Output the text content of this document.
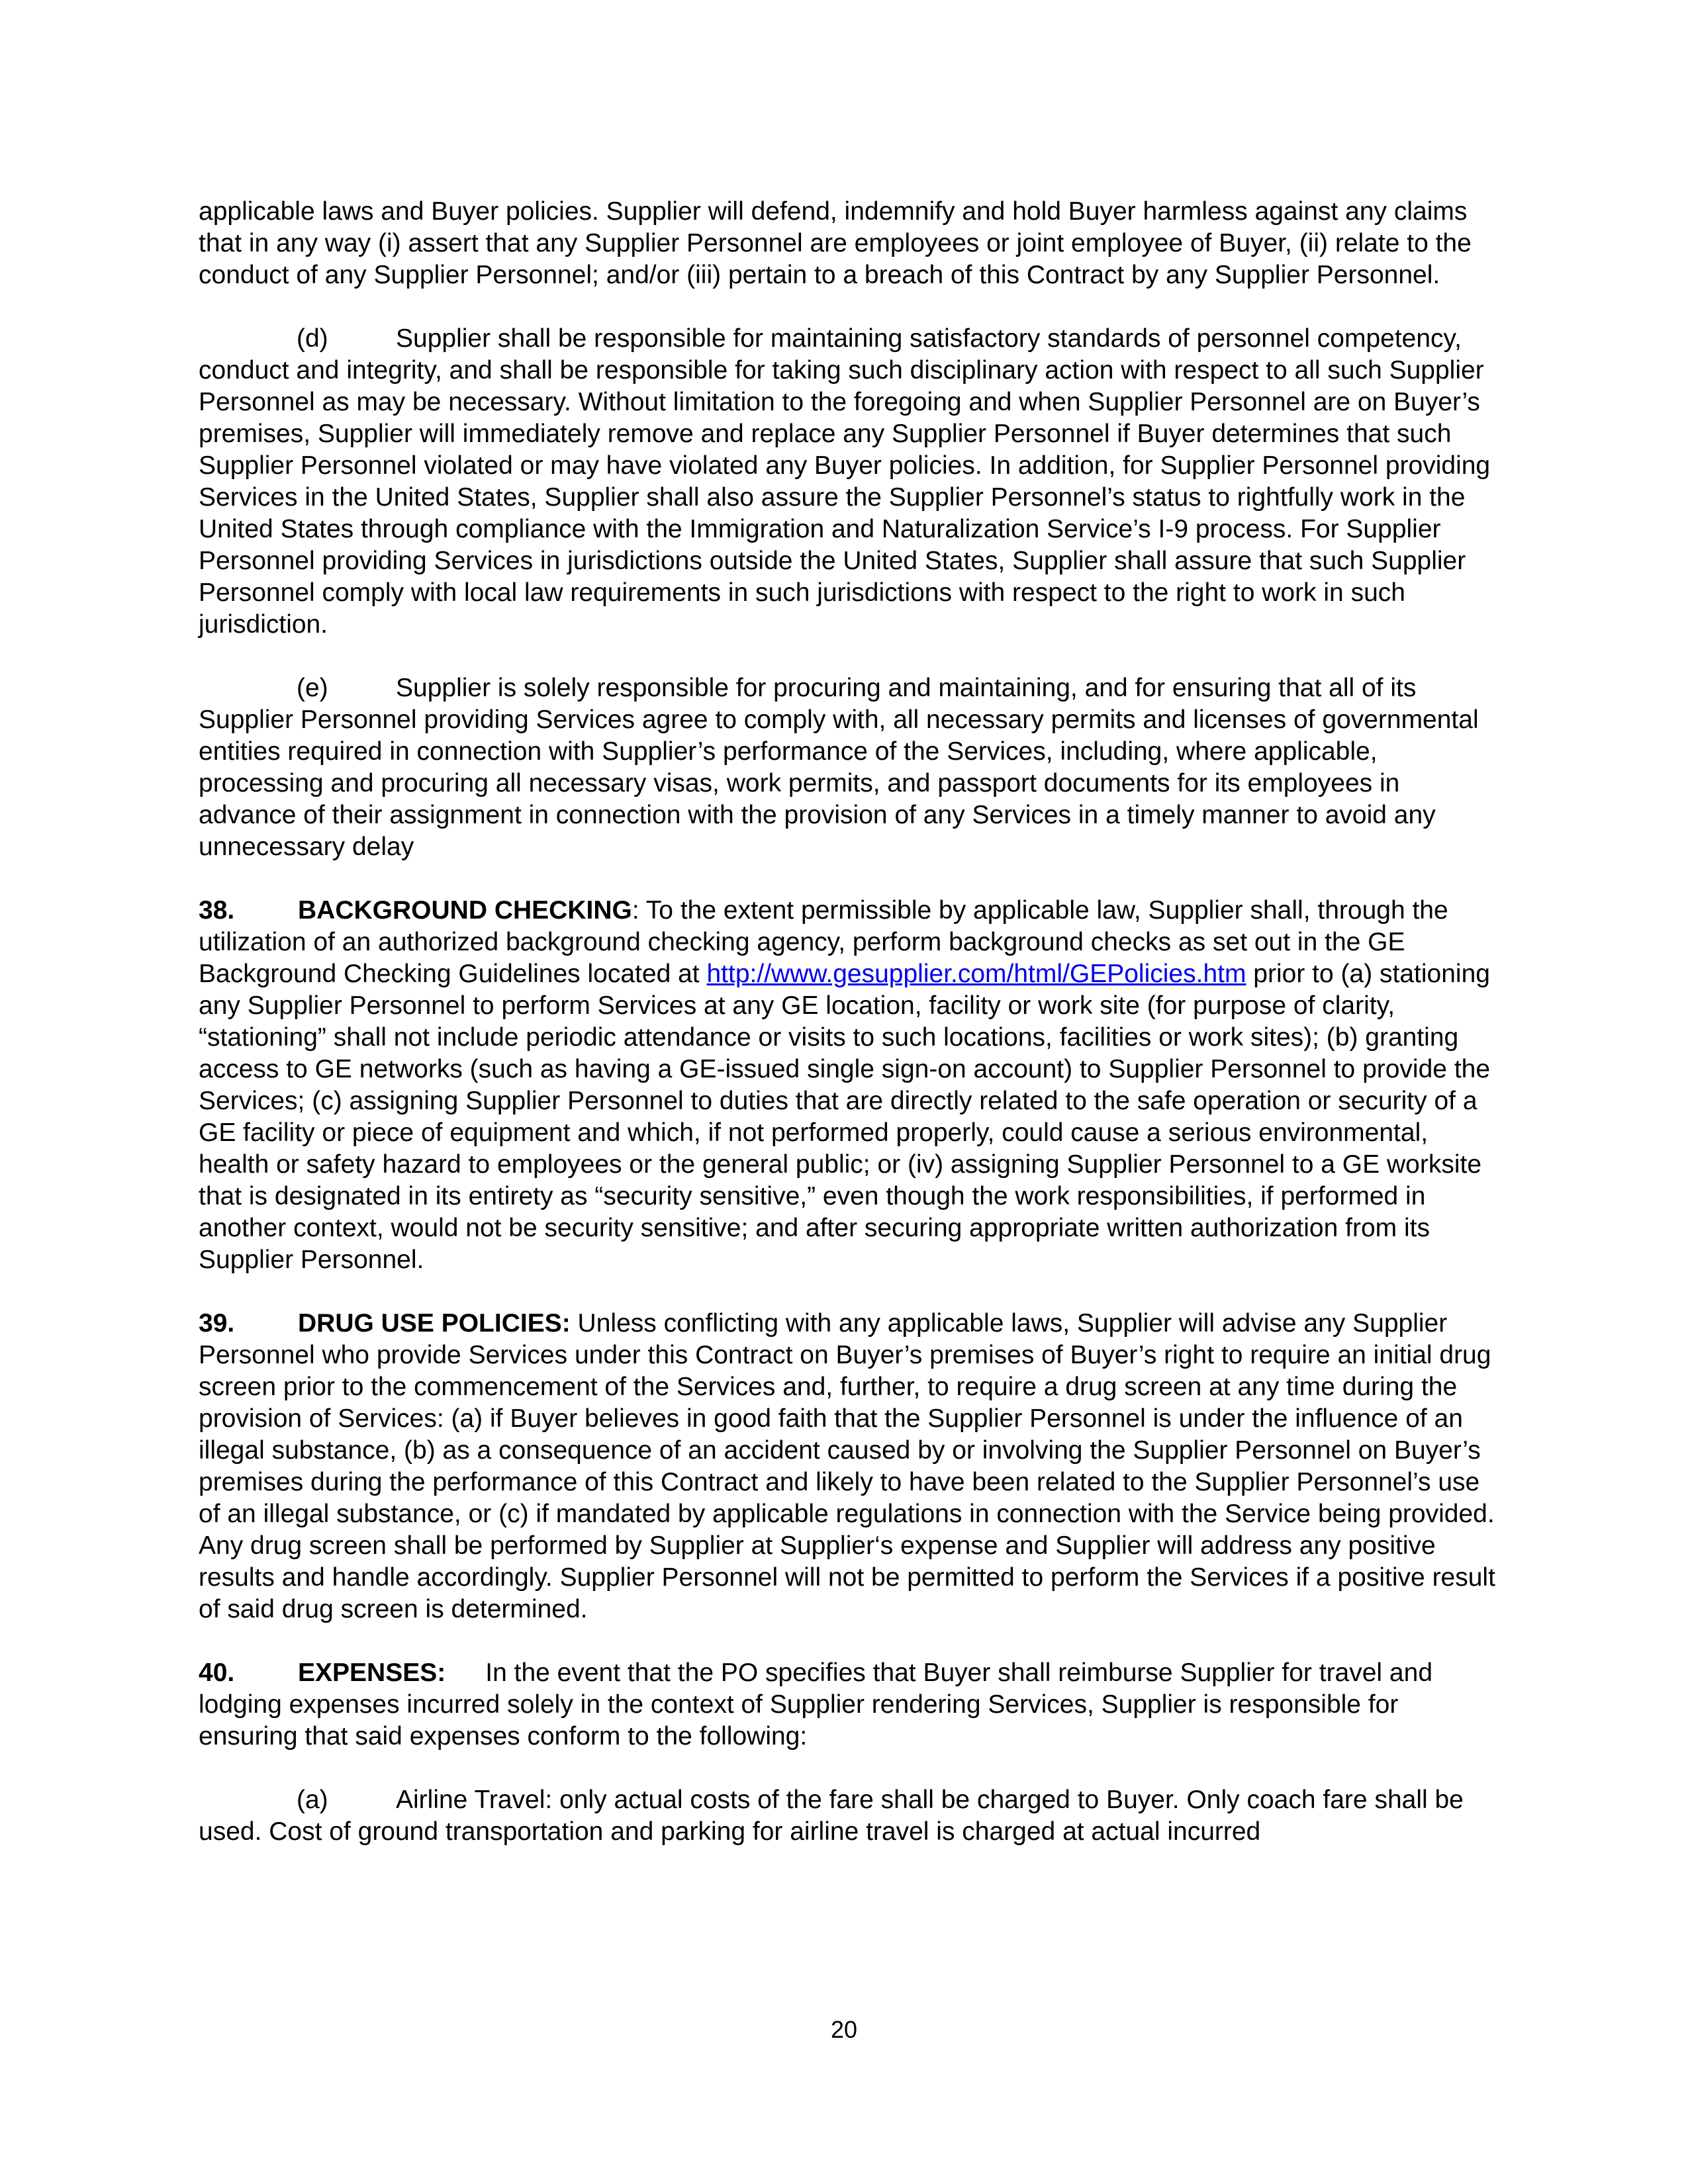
applicable laws and Buyer policies. Supplier will defend, indemnify and hold Buyer harmless against any claims that in any way (i) assert that any Supplier Personnel are employees or joint employee of Buyer, (ii) relate to the conduct of any Supplier Personnel; and/or (iii) pertain to a breach of this Contract by any Supplier Personnel.

(d)	Supplier shall be responsible for maintaining satisfactory standards of personnel competency, conduct and integrity, and shall be responsible for taking such disciplinary action with respect to all such Supplier Personnel as may be necessary. Without limitation to the foregoing and when Supplier Personnel are on Buyer’s premises, Supplier will immediately remove and replace any Supplier Personnel if Buyer determines that such Supplier Personnel violated or may have violated any Buyer policies. In addition, for Supplier Personnel providing Services in the United States, Supplier shall also assure the Supplier Personnel’s status to rightfully work in the United States through compliance with the Immigration and Naturalization Service’s I-9 process. For Supplier Personnel providing Services in jurisdictions outside the United States, Supplier shall assure that such Supplier Personnel comply with local law requirements in such jurisdictions with respect to the right to work in such jurisdiction.

(e)	Supplier is solely responsible for procuring and maintaining, and for ensuring that all of its Supplier Personnel providing Services agree to comply with, all necessary permits and licenses of governmental entities required in connection with Supplier’s performance of the Services, including, where applicable, processing and procuring all necessary visas, work permits, and passport documents for its employees in advance of their assignment in connection with the provision of any Services in a timely manner to avoid any unnecessary delay

38. BACKGROUND CHECKING: To the extent permissible by applicable law, Supplier shall, through the utilization of an authorized background checking agency, perform background checks as set out in the GE Background Checking Guidelines located at http://www.gesupplier.com/html/GEPolicies.htm prior to (a) stationing any Supplier Personnel to perform Services at any GE location, facility or work site (for purpose of clarity, “stationing” shall not include periodic attendance or visits to such locations, facilities or work sites); (b) granting access to GE networks (such as having a GE-issued single sign-on account) to Supplier Personnel to provide the Services; (c) assigning Supplier Personnel to duties that are directly related to the safe operation or security of a GE facility or piece of equipment and which, if not performed properly, could cause a serious environmental, health or safety hazard to employees or the general public; or (iv) assigning Supplier Personnel to a GE worksite that is designated in its entirety as “security sensitive,” even though the work responsibilities, if performed in another context, would not be security sensitive; and after securing appropriate written authorization from its Supplier Personnel.

39. DRUG USE POLICIES: Unless conflicting with any applicable laws, Supplier will advise any Supplier Personnel who provide Services under this Contract on Buyer’s premises of Buyer’s right to require an initial drug screen prior to the commencement of the Services and, further, to require a drug screen at any time during the provision of Services: (a) if Buyer believes in good faith that the Supplier Personnel is under the influence of an illegal substance, (b) as a consequence of an accident caused by or involving the Supplier Personnel on Buyer’s premises during the performance of this Contract and likely to have been related to the Supplier Personnel’s use of an illegal substance, or (c) if mandated by applicable regulations in connection with the Service being provided. Any drug screen shall be performed by Supplier at Supplier‘s expense and Supplier will address any positive results and handle accordingly. Supplier Personnel will not be permitted to perform the Services if a positive result of said drug screen is determined.

40. EXPENSES: In the event that the PO specifies that Buyer shall reimburse Supplier for travel and lodging expenses incurred solely in the context of Supplier rendering Services, Supplier is responsible for ensuring that said expenses conform to the following:

(a)	Airline Travel: only actual costs of the fare shall be charged to Buyer. Only coach fare shall be used. Cost of ground transportation and parking for airline travel is charged at actual incurred

20
